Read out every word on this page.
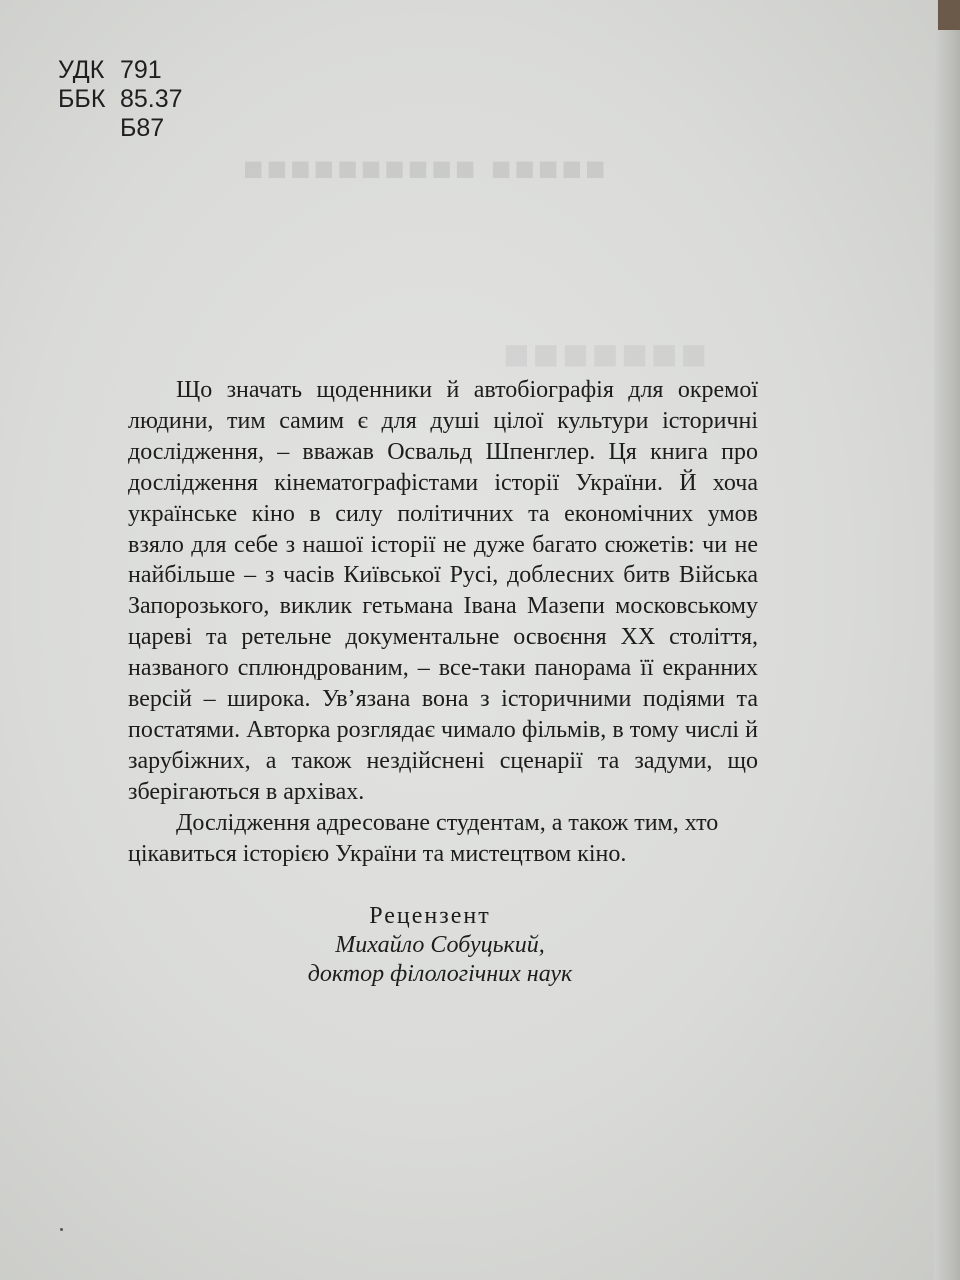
■■■■■ ■■■■■■■■■■
■■■■■■■
УДК 791
ББК 85.37
Б87

Що значать щоденники й автобіографія для окремої людини, тим самим є для душі цілої культури історичні дослідження, – вважав Освальд Шпенглер. Ця книга про дослідження кінематографістами історії України. Й хоча українське кіно в силу політичних та економічних умов взяло для себе з нашої історії не дуже багато сюжетів: чи не найбільше – з часів Київської Русі, доблесних битв Війська Запорозького, виклик гетьмана Івана Мазепи московському цареві та ретельне документальне освоєння XX століття, названого сплюндрованим, – все-таки панорама її екранних версій – широка. Ув’язана вона з історичними подіями та постатями. Авторка розглядає чимало фільмів, в тому числі й зарубіжних, а також нездійснені сценарії та задуми, що зберігаються в архівах.

Дослідження адресоване студентам, а також тим, хто цікавиться історією України та мистецтвом кіно.

Рецензент
Михайло Собуцький,
доктор філологічних наук
